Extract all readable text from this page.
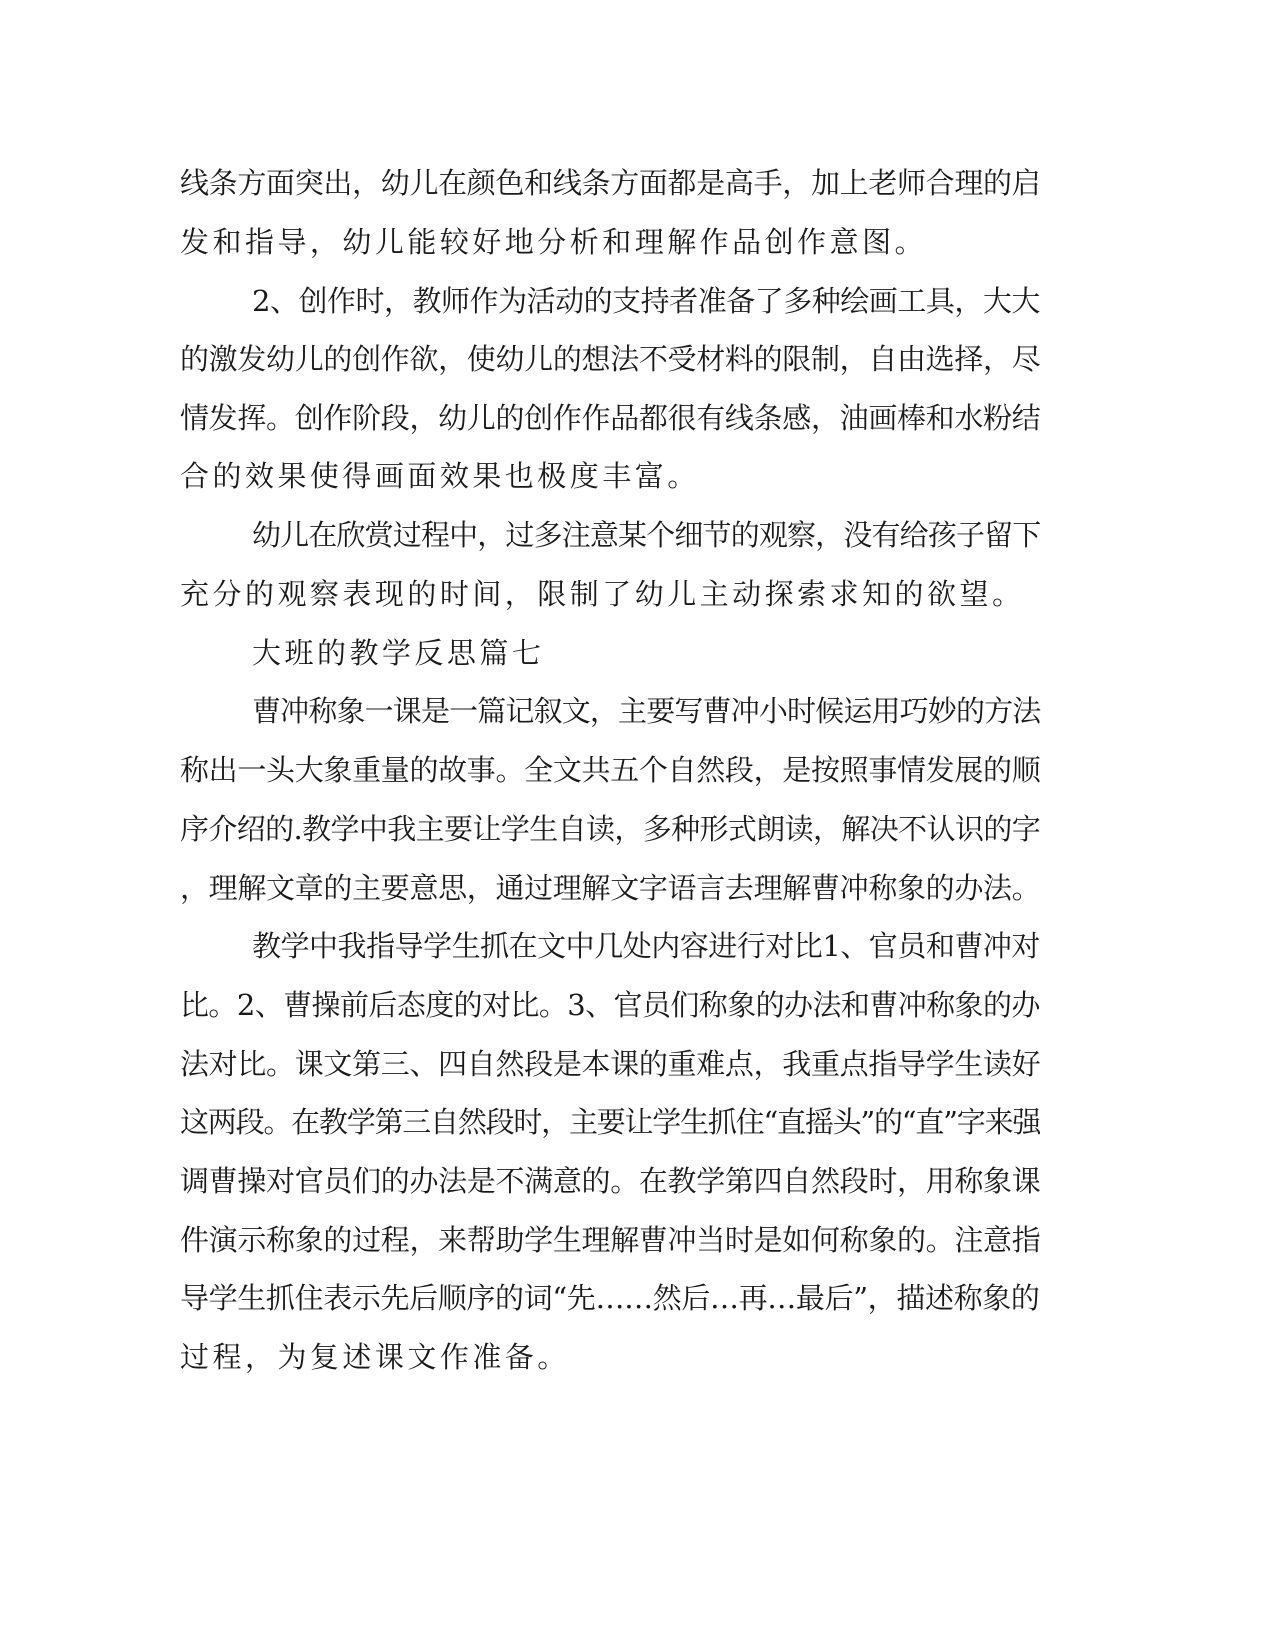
线条方面突出，幼儿在颜色和线条方面都是高手，加上老师合理的启
发和指导，幼儿能较好地分析和理解作品创作意图。
2、创作时，教师作为活动的支持者准备了多种绘画工具，大大
的激发幼儿的创作欲，使幼儿的想法不受材料的限制，自由选择，尽
情发挥。创作阶段，幼儿的创作作品都很有线条感，油画棒和水粉结
合的效果使得画面效果也极度丰富。
幼儿在欣赏过程中，过多注意某个细节的观察，没有给孩子留下
充分的观察表现的时间，限制了幼儿主动探索求知的欲望。
大班的教学反思篇七
曹冲称象一课是一篇记叙文，主要写曹冲小时候运用巧妙的方法
称出一头大象重量的故事。全文共五个自然段，是按照事情发展的顺
序介绍的.教学中我主要让学生自读，多种形式朗读，解决不认识的字
，理解文章的主要意思，通过理解文字语言去理解曹冲称象的办法。
教学中我指导学生抓在文中几处内容进行对比1、官员和曹冲对
比。2、曹操前后态度的对比。3、官员们称象的办法和曹冲称象的办
法对比。课文第三、四自然段是本课的重难点，我重点指导学生读好
这两段。在教学第三自然段时，主要让学生抓住“直摇头”的“直”字来强
调曹操对官员们的办法是不满意的。在教学第四自然段时，用称象课
件演示称象的过程，来帮助学生理解曹冲当时是如何称象的。注意指
导学生抓住表示先后顺序的词“先……然后…再…最后”，描述称象的
过程，为复述课文作准备。
